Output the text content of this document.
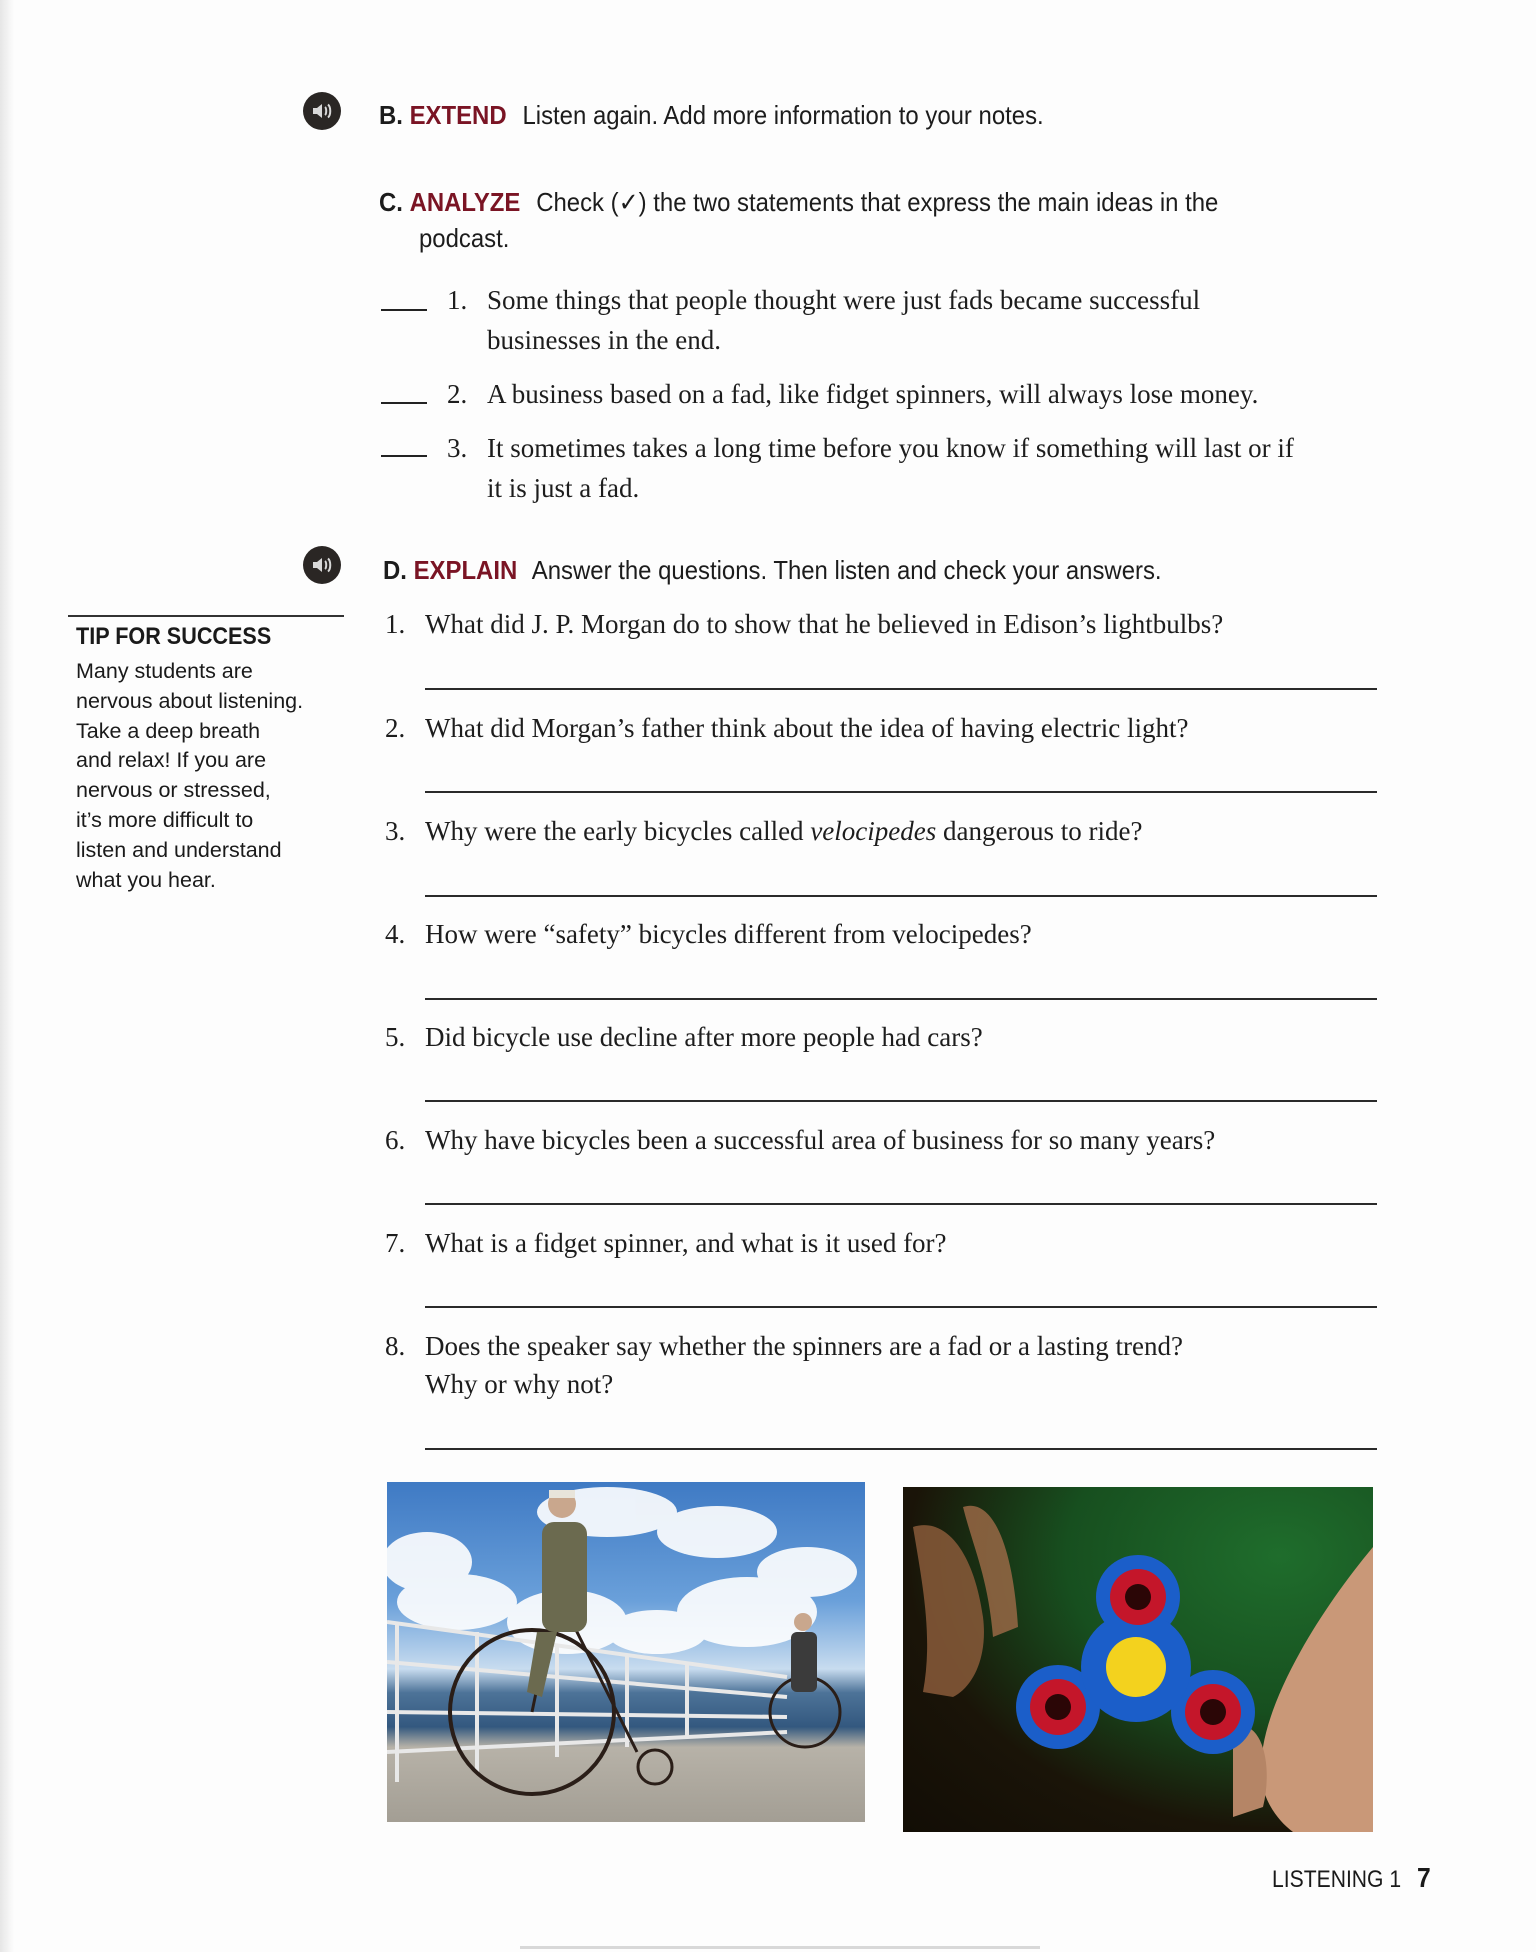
B. EXTEND Listen again. Add more information to your notes.
C. ANALYZE Check (✓) the two statements that express the main ideas in the
podcast.
1. Some things that people thought were just fads became successful
businesses in the end.
2. A business based on a fad, like fidget spinners, will always lose money.
3. It sometimes takes a long time before you know if something will last or if
it is just a fad.
D. EXPLAIN Answer the questions. Then listen and check your answers.
TIP FOR SUCCESS
Many students are
nervous about listening.
Take a deep breath
and relax! If you are
nervous or stressed,
it’s more difficult to
listen and understand
what you hear.
1. What did J. P. Morgan do to show that he believed in Edison’s lightbulbs?
2. What did Morgan’s father think about the idea of having electric light?
3. Why were the early bicycles called velocipedes dangerous to ride?
4. How were “safety” bicycles different from velocipedes?
5. Did bicycle use decline after more people had cars?
6. Why have bicycles been a successful area of business for so many years?
7. What is a fidget spinner, and what is it used for?
8. Does the speaker say whether the spinners are a fad or a lasting trend?
Why or why not?
LISTENING 1 7
